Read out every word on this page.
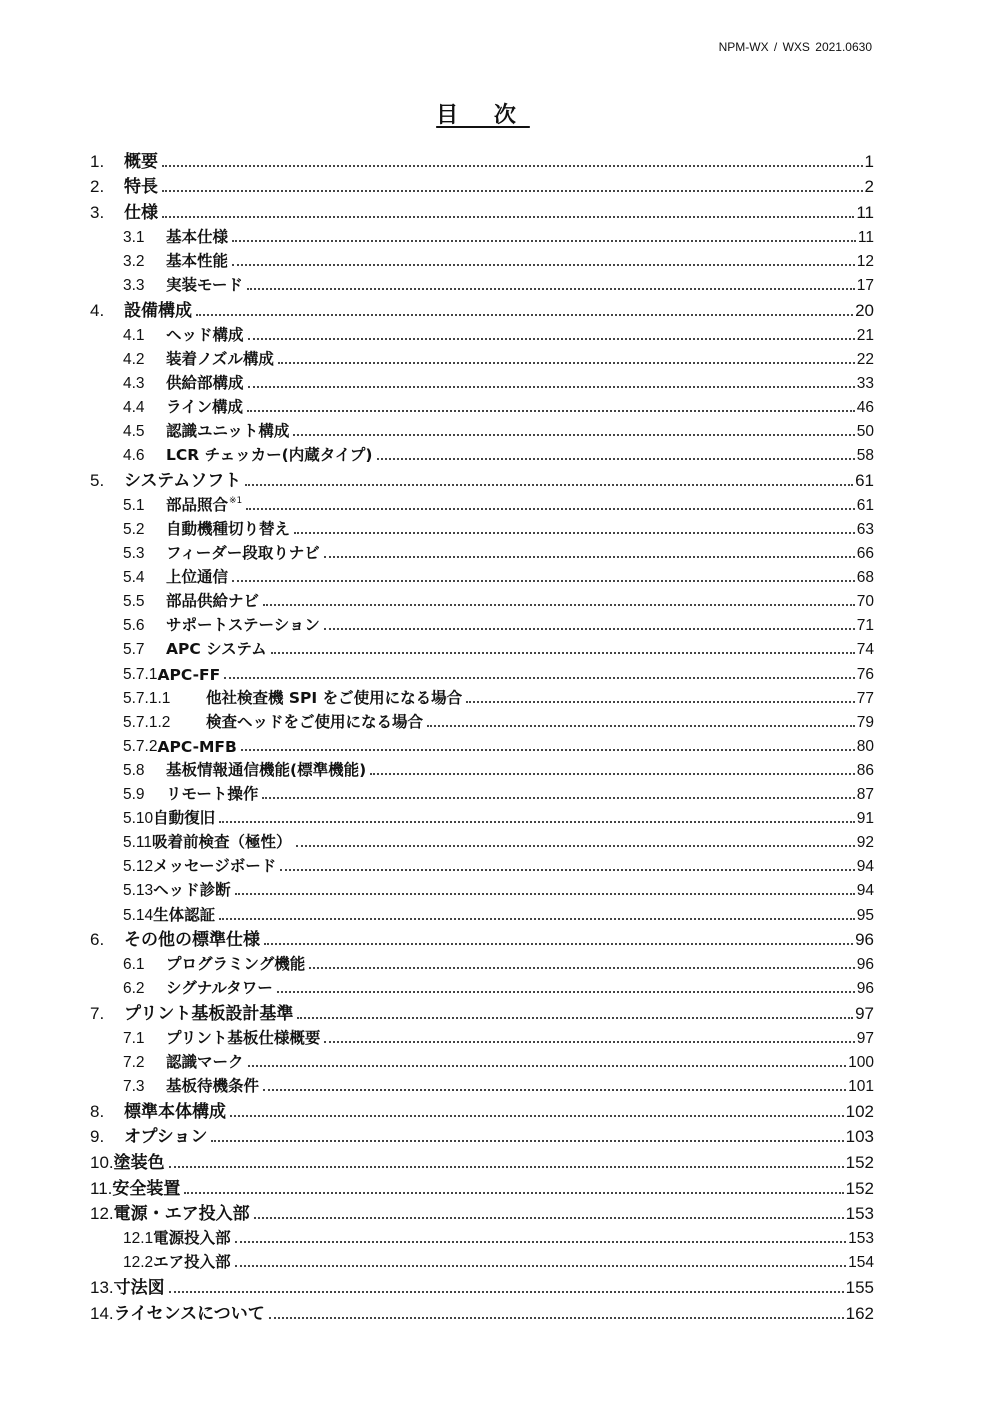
NPM-WX / WXS 2021.0630
目 次
1.	概要	1
2.	特長	2
3.	仕様	11
3.1	基本仕様	11
3.2	基本性能	12
3.3	実装モード	17
4.	設備構成	20
4.1	ヘッド構成	21
4.2	装着ノズル構成	22
4.3	供給部構成	33
4.4	ライン構成	46
4.5	認識ユニット構成	50
4.6	LCR チェッカー(内蔵タイプ)	58
5.	システムソフト	61
5.1	部品照合$^{※1}$	61
5.2	自動機種切り替え	63
5.3	フィーダー段取りナビ	66
5.4	上位通信	68
5.5	部品供給ナビ	70
5.6	サポートステーション	71
5.7	APC システム	74
5.7.1 APC-FF	76
5.7.1.1	他社検査機 SPI をご使用になる場合	77
5.7.1.2	検査ヘッドをご使用になる場合	79
5.7.2 APC-MFB	80
5.8	基板情報通信機能(標準機能)	86
5.9	リモート操作	87
5.10 自動復旧	91
5.11 吸着前検査（極性）	92
5.12 メッセージボード	94
5.13 ヘッド診断	94
5.14 生体認証	95
6.	その他の標準仕様	96
6.1	プログラミング機能	96
6.2	シグナルタワー	96
7.	プリント基板設計基準	97
7.1	プリント基板仕様概要	97
7.2	認識マーク	100
7.3	基板待機条件	101
8.	標準本体構成	102
9.	オプション	103
10. 塗装色	152
11. 安全装置	152
12. 電源・エア投入部	153
12.1 電源投入部	153
12.2 エア投入部	154
13. 寸法図	155
14. ライセンスについて	162
